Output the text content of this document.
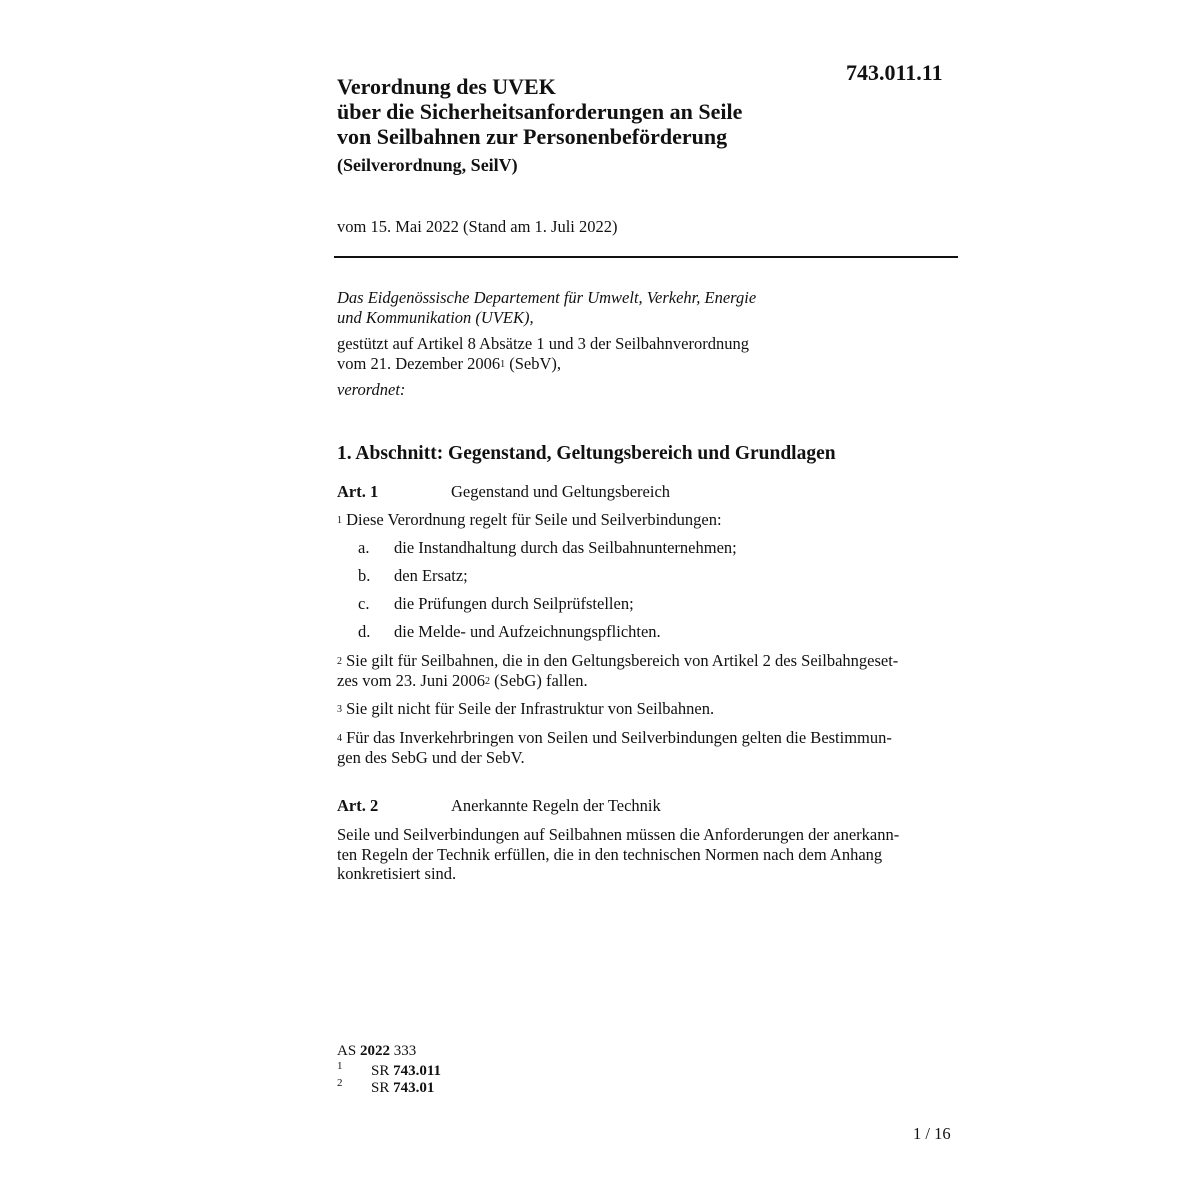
743.011.11
Verordnung des UVEK
über die Sicherheitsanforderungen an Seile
von Seilbahnen zur Personenbeförderung
(Seilverordnung, SeilV)
vom 15. Mai 2022 (Stand am 1. Juli 2022)
Das Eidgenössische Departement für Umwelt, Verkehr, Energie
und Kommunikation (UVEK),
gestützt auf Artikel 8 Absätze 1 und 3 der Seilbahnverordnung
vom 21. Dezember 2006$^1$ (SebV),
verordnet:
1. Abschnitt: Gegenstand, Geltungsbereich und Grundlagen
Art. 1	Gegenstand und Geltungsbereich
$^1$ Diese Verordnung regelt für Seile und Seilverbindungen:
a. die Instandhaltung durch das Seilbahnunternehmen;
b. den Ersatz;
c. die Prüfungen durch Seilprüfstellen;
d. die Melde- und Aufzeichnungspflichten.
$^2$ Sie gilt für Seilbahnen, die in den Geltungsbereich von Artikel 2 des Seilbahngeset-
zes vom 23. Juni 2006$^2$ (SebG) fallen.
$^3$ Sie gilt nicht für Seile der Infrastruktur von Seilbahnen.
$^4$ Für das Inverkehrbringen von Seilen und Seilverbindungen gelten die Bestimmun-
gen des SebG und der SebV.
Art. 2	Anerkannte Regeln der Technik
Seile und Seilverbindungen auf Seilbahnen müssen die Anforderungen der anerkann-
ten Regeln der Technik erfüllen, die in den technischen Normen nach dem Anhang
konkretisiert sind.
AS 2022 333
1 SR 743.011
2 SR 743.01
1 / 16
